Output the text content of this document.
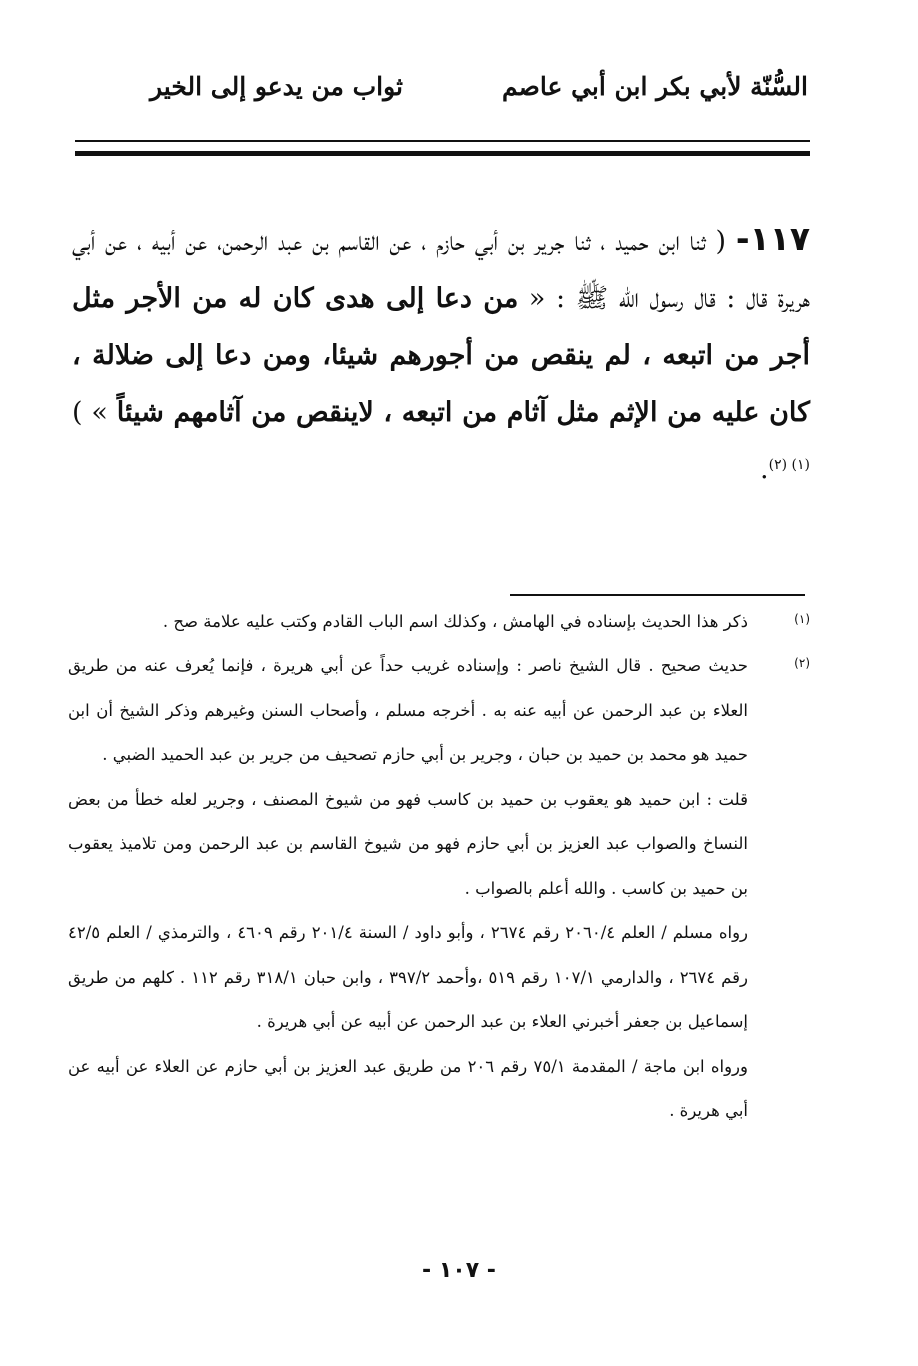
السُّنّة لأبي بكر ابن أبي عاصم
ثواب من يدعو إلى الخير
١١٧- ( ثنا ابن حميد ، ثنا جرير بن أبي حازم ، عن القاسم بن عبد الرحمن، عن أبيه ، عن أبي هريرة قال : قال رسول الله ﷺ : « من دعا إلى هدى كان له من الأجر مثل أجر من اتبعه ، لم ينقص من أجورهم شيئا، ومن دعا إلى ضلالة ، كان عليه من الإثم مثل آثام من اتبعه ، لاينقص من آثامهم شيئاً » )$^{(١) (٢)}$.
(١)

ذكر هذا الحديث بإسناده في الهامش ، وكذلك اسم الباب القادم وكتب عليه علامة صح .

(٢)

حديث صحيح . قال الشيخ ناصر : وإسناده غريب حداً عن أبي هريرة ، فإنما يُعرف عنه من طريق العلاء بن عبد الرحمن عن أبيه عنه به . أخرجه مسلم ، وأصحاب السنن وغيرهم وذكر الشيخ أن ابن حميد هو محمد بن حميد بن حبان ، وجرير بن أبي حازم تصحيف من جرير بن عبد الحميد الضبي .

قلت : ابن حميد هو يعقوب بن حميد بن كاسب فهو من شيوخ المصنف ، وجرير لعله خطأ من بعض النساخ والصواب عبد العزيز بن أبي حازم فهو من شيوخ القاسم بن عبد الرحمن ومن تلاميذ يعقوب بن حميد بن كاسب . والله أعلم بالصواب .

رواه مسلم / العلم ٢٠٦٠/٤ رقم ٢٦٧٤ ، وأبو داود / السنة ٢٠١/٤ رقم ٤٦٠٩ ، والترمذي / العلم ٤٢/٥ رقم ٢٦٧٤ ، والدارمي ١٠٧/١ رقم ٥١٩ ،وأحمد ٣٩٧/٢ ، وابن حبان ٣١٨/١ رقم ١١٢ . كلهم من طريق إسماعيل بن جعفر أخبرني العلاء بن عبد الرحمن عن أبيه عن أبي هريرة .

ورواه ابن ماجة / المقدمة ٧٥/١ رقم ٢٠٦ من طريق عبد العزيز بن أبي حازم عن العلاء عن أبيه عن أبي هريرة .

- ١٠٧ -
